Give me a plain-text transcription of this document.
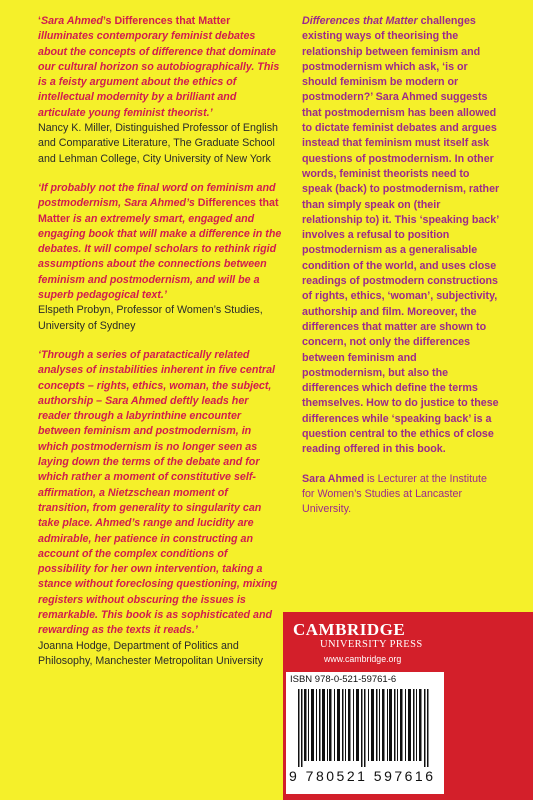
‘Sara Ahmed’s Differences that Matter illuminates contemporary feminist debates about the concepts of difference that dominate our cultural horizon so autobiographically. This is a feisty argument about the ethics of intellectual modernity by a brilliant and articulate young feminist theorist.’

Nancy K. Miller, Distinguished Professor of English and Comparative Literature, The Graduate School and Lehman College, City University of New York

‘If probably not the final word on feminism and postmodernism, Sara Ahmed’s Differences that Matter is an extremely smart, engaged and engaging book that will make a difference in the debates. It will compel scholars to rethink rigid assumptions about the connections between feminism and postmodernism, and will be a superb pedagogical text.’

Elspeth Probyn, Professor of Women’s Studies, University of Sydney

‘Through a series of paratactically related analyses of instabilities inherent in five central concepts – rights, ethics, woman, the subject, authorship – Sara Ahmed deftly leads her reader through a labyrinthine encounter between feminism and postmodernism, in which postmodernism is no longer seen as laying down the terms of the debate and for which rather a moment of constitutive self-affirmation, a Nietzschean moment of transition, from generality to singularity can take place. Ahmed’s range and lucidity are admirable, her patience in constructing an account of the complex conditions of possibility for her own intervention, taking a stance without foreclosing questioning, mixing registers without obscuring the issues is remarkable. This book is as sophisticated and rewarding as the texts it reads.’

Joanna Hodge, Department of Politics and Philosophy, Manchester Metropolitan University

Differences that Matter challenges existing ways of theorising the relationship between feminism and postmodernism which ask, ‘is or should feminism be modern or postmodern?’ Sara Ahmed suggests that postmodernism has been allowed to dictate feminist debates and argues instead that feminism must itself ask questions of postmodernism. In other words, feminist theorists need to speak (back) to postmodernism, rather than simply speak on (their relationship to) it. This ‘speaking back’ involves a refusal to position postmodernism as a generalisable condition of the world, and uses close readings of postmodern constructions of rights, ethics, ‘woman’, subjectivity, authorship and film. Moreover, the differences that matter are shown to concern, not only the differences between feminism and postmodernism, but also the differences which define the terms themselves. How to do justice to these differences while ‘speaking back’ is a question central to the ethics of close reading offered in this book.

Sara Ahmed is Lecturer at the Institute for Women’s Studies at Lancaster University.

CAMBRIDGE
UNIVERSITY PRESS
www.cambridge.org
ISBN 978-0-521-59761-6
9 780521 597616
